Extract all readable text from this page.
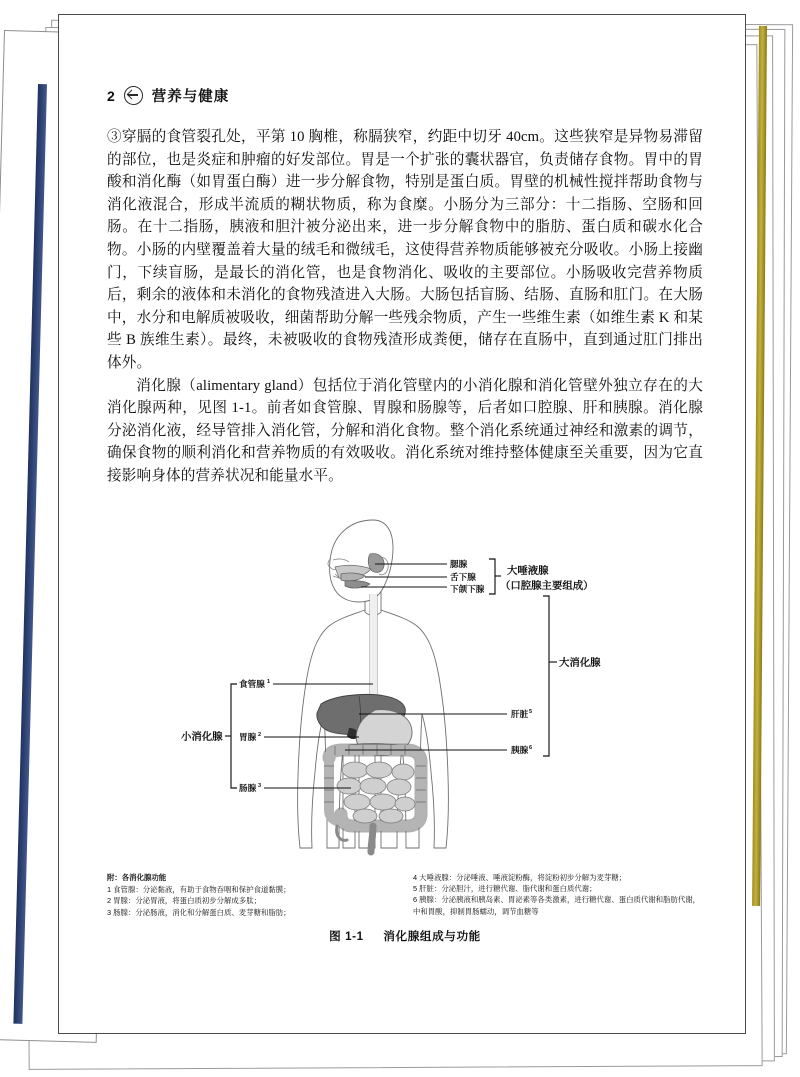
2	营养与健康

③穿膈的食管裂孔处，平第 10 胸椎，称膈狭窄，约距中切牙 40cm。这些狭窄是异物易滞留的部位，也是炎症和肿瘤的好发部位。胃是一个扩张的囊状器官，负责储存食物。胃中的胃酸和消化酶（如胃蛋白酶）进一步分解食物，特别是蛋白质。胃壁的机械性搅拌帮助食物与消化液混合，形成半流质的糊状物质，称为食糜。小肠分为三部分：十二指肠、空肠和回肠。在十二指肠，胰液和胆汁被分泌出来，进一步分解食物中的脂肪、蛋白质和碳水化合物。小肠的内壁覆盖着大量的绒毛和微绒毛，这使得营养物质能够被充分吸收。小肠上接幽门，下续盲肠，是最长的消化管，也是食物消化、吸收的主要部位。小肠吸收完营养物质后，剩余的液体和未消化的食物残渣进入大肠。大肠包括盲肠、结肠、直肠和肛门。在大肠中，水分和电解质被吸收，细菌帮助分解一些残余物质，产生一些维生素（如维生素 K 和某些 B 族维生素）。最终，未被吸收的食物残渣形成粪便，储存在直肠中，直到通过肛门排出体外。

消化腺（alimentary gland）包括位于消化管壁内的小消化腺和消化管壁外独立存在的大消化腺两种，见图 1-1。前者如食管腺、胃腺和肠腺等，后者如口腔腺、肝和胰腺。消化腺分泌消化液，经导管排入消化管，分解和消化食物。整个消化系统通过神经和激素的调节，确保食物的顺利消化和营养物质的有效吸收。消化系统对维持整体健康至关重要，因为它直接影响身体的营养状况和能量水平。

小消化腺
食管腺 1
胃腺 2
肠腺 3
腮腺
舌下腺
下颌下腺
大唾液腺
（口腔腺主要组成）
肝脏 5
胰腺 6
大消化腺
附：各消化腺功能
1 食管腺：分泌黏液，有助于食物吞咽和保护食道黏膜；
2 胃腺：分泌胃液，将蛋白质初步分解成多肽；
3 肠腺：分泌肠液，消化和分解蛋白质、麦芽糖和脂肪；
4 大唾液腺：分泌唾液、唾液淀粉酶，将淀粉初步分解为麦芽糖；
5 肝脏：分泌胆汁，进行糖代谢、脂代谢和蛋白质代谢；
6 胰腺：分泌胰液和胰岛素、胃泌素等各类激素，进行糖代谢、蛋白质代谢和脂肪代谢，中和胃酸，抑制胃肠蠕动，调节血糖等
图 1-1 消化腺组成与功能
